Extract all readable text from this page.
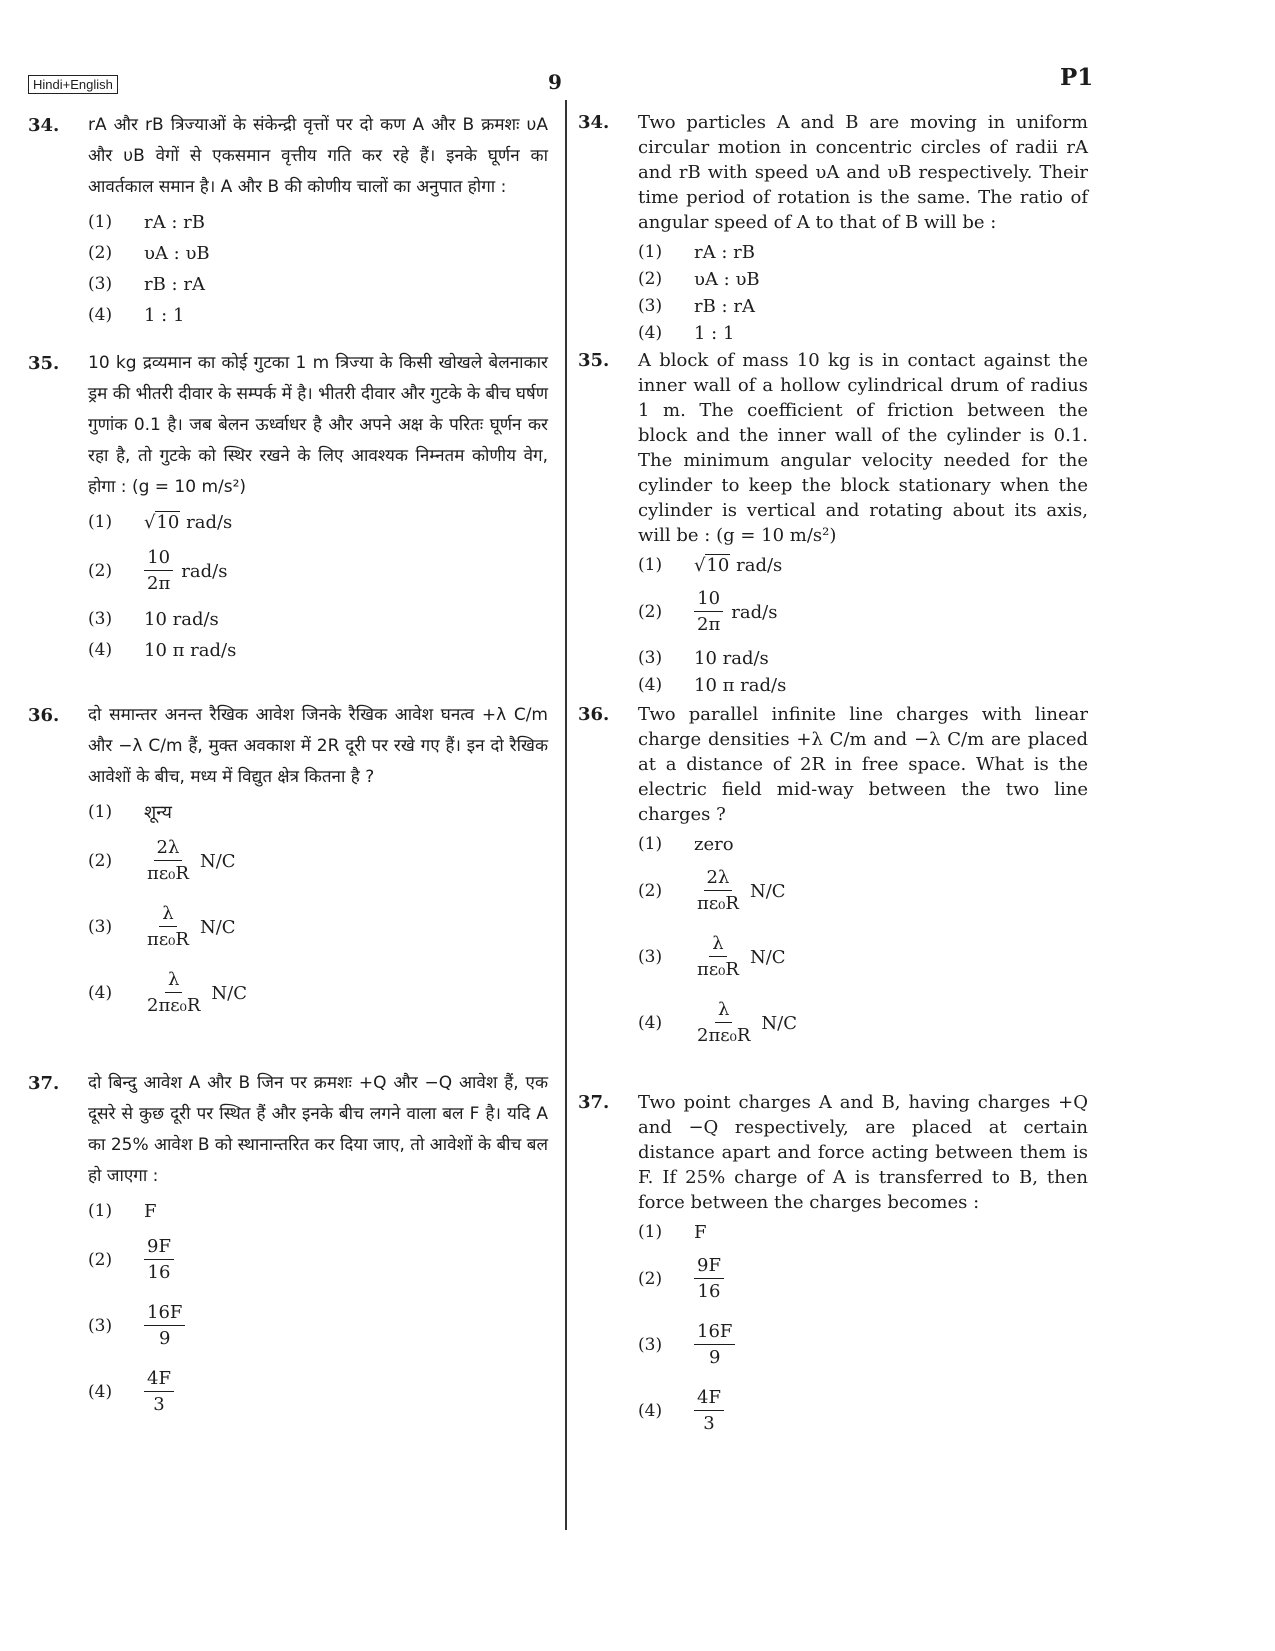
Hindi+English	9	P1
34. rA और rB त्रिज्याओं के संकेन्द्री वृत्तों पर दो कण A और B क्रमशः υA और υB वेगों से एकसमान वृत्तीय गति कर रहे हैं। इनके घूर्णन का आवर्तकाल समान है। A और B की कोणीय चालों का अनुपात होगा :
(1)	rA : rB
(2)	υA : υB
(3)	rB : rA
(4)	1 : 1
35. 10 kg द्रव्यमान का कोई गुटका 1 m त्रिज्या के किसी खोखले बेलनाकार ड्रम की भीतरी दीवार के सम्पर्क में है। भीतरी दीवार और गुटके के बीच घर्षण गुणांक 0.1 है। जब बेलन ऊर्ध्वाधर है और अपने अक्ष के परितः घूर्णन कर रहा है, तो गुटके को स्थिर रखने के लिए आवश्यक निम्नतम कोणीय वेग, होगा : (g = 10 m/s²)
(1)	√10 rad/s
(2)	$\frac{10}{2\pi} rad/s$
(3)	10 rad/s
(4)	10 π rad/s
36. दो समान्तर अनन्त रैखिक आवेश जिनके रैखिक आवेश घनत्व +λ C/m और −λ C/m हैं, मुक्त अवकाश में 2R दूरी पर रखे गए हैं। इन दो रैखिक आवेशों के बीच, मध्य में विद्युत क्षेत्र कितना है ?
(1)	शून्य
(2)	$\frac{2\lambda}{\text{πε₀R}} N/C$
(3)	$\frac{\lambda}{\text{πε₀R}} N/C$
(4)	$\frac{\lambda}{\text{2πε₀R}} N/C$
37. दो बिन्दु आवेश A और B जिन पर क्रमशः +Q और −Q आवेश हैं, एक दूसरे से कुछ दूरी पर स्थित हैं और इनके बीच लगने वाला बल F है। यदि A का 25% आवेश B को स्थानान्तरित कर दिया जाए, तो आवेशों के बीच बल हो जाएगा :
(1)	F
(2)	$\frac{9F}{16}$
(3)	$\frac{16F}{9}$
(4)	$\frac{4F}{3}$
34. Two particles A and B are moving in uniform circular motion in concentric circles of radii rA and rB with speed υA and υB respectively. Their time period of rotation is the same. The ratio of angular speed of A to that of B will be :
(1)	rA : rB
(2)	υA : υB
(3)	rB : rA
(4)	1 : 1
35. A block of mass 10 kg is in contact against the inner wall of a hollow cylindrical drum of radius 1 m. The coefficient of friction between the block and the inner wall of the cylinder is 0.1. The minimum angular velocity needed for the cylinder to keep the block stationary when the cylinder is vertical and rotating about its axis, will be : (g = 10 m/s²)
(1)	√10 rad/s
(2)	$\frac{10}{2\pi} rad/s$
(3)	10 rad/s
(4)	10 π rad/s
36. Two parallel infinite line charges with linear charge densities +λ C/m and −λ C/m are placed at a distance of 2R in free space. What is the electric field mid-way between the two line charges ?
(1)	zero
(2)	$\frac{2\lambda}{\text{πε₀R}} N/C$
(3)	$\frac{\lambda}{\text{πε₀R}} N/C$
(4)	$\frac{\lambda}{\text{2πε₀R}} N/C$
37. Two point charges A and B, having charges +Q and −Q respectively, are placed at certain distance apart and force acting between them is F. If 25% charge of A is transferred to B, then force between the charges becomes :
(1)	F
(2)	$\frac{9F}{16}$
(3)	$\frac{16F}{9}$
(4)	$\frac{4F}{3}$
